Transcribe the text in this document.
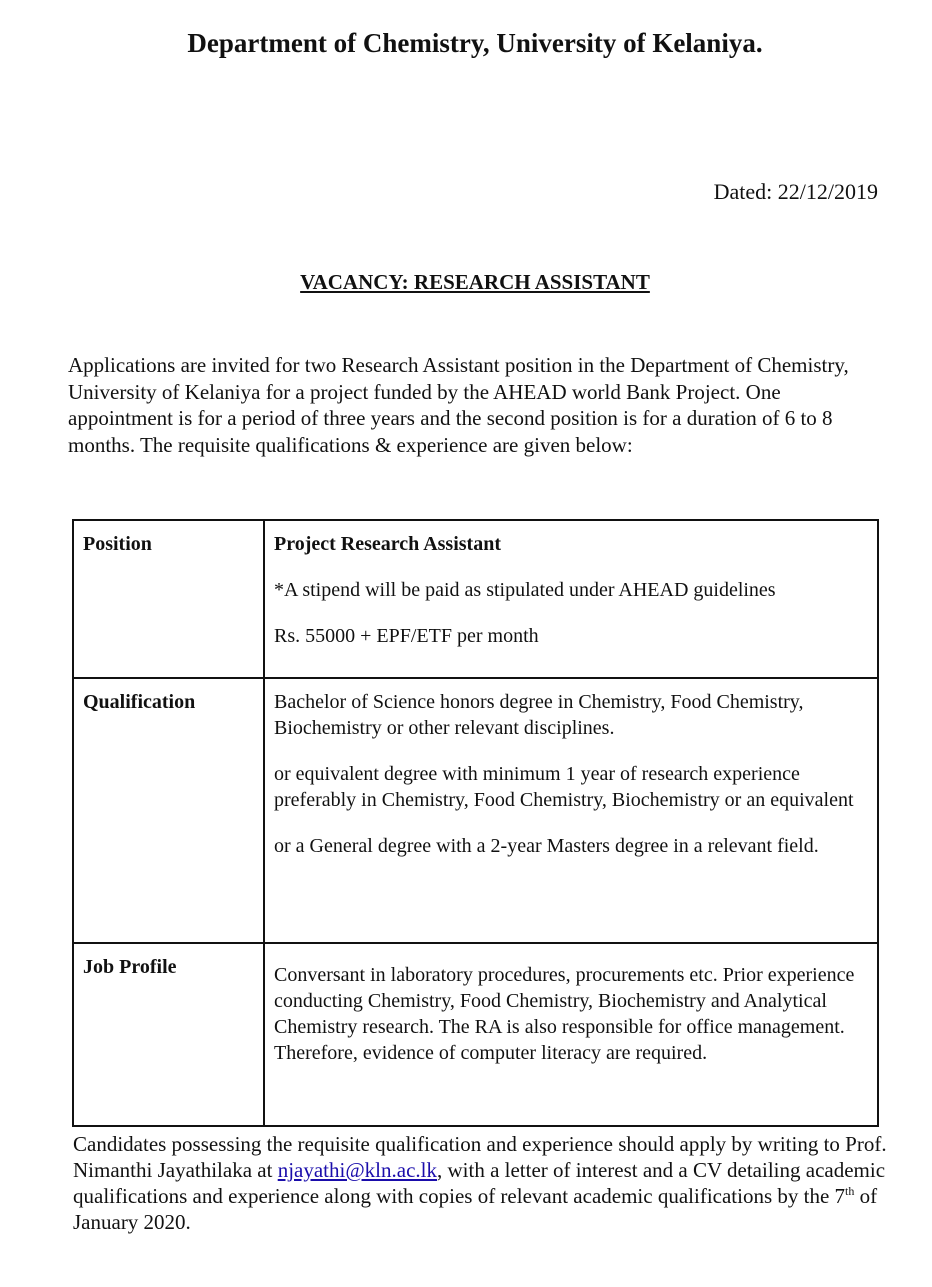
Department of Chemistry, University of Kelaniya.
Dated: 22/12/2019
VACANCY: RESEARCH ASSISTANT

Applications are invited for two Research Assistant position in the Department of Chemistry, University of Kelaniya for a project funded by the AHEAD world Bank Project. One appointment is for a period of three years and the second position is for a duration of 6 to 8 months. The requisite qualifications & experience are given below:

Position	Project Research Assistant

*A stipend will be paid as stipulated under AHEAD guidelines

Rs. 55000 + EPF/ETF per month

Qualification	Bachelor of Science honors degree in Chemistry, Food Chemistry, Biochemistry or other relevant disciplines.

or equivalent degree with minimum 1 year of research experience preferably in Chemistry, Food Chemistry, Biochemistry or an equivalent

or a General degree with a 2-year Masters degree in a relevant field.

Job Profile	Conversant in laboratory procedures, procurements etc. Prior experience conducting Chemistry, Food Chemistry, Biochemistry and Analytical Chemistry research. The RA is also responsible for office management. Therefore, evidence of computer literacy are required.

Candidates possessing the requisite qualification and experience should apply by writing to Prof. Nimanthi Jayathilaka at njayathi@kln.ac.lk, with a letter of interest and a CV detailing academic qualifications and experience along with copies of relevant academic qualifications by the 7th of January 2020.
